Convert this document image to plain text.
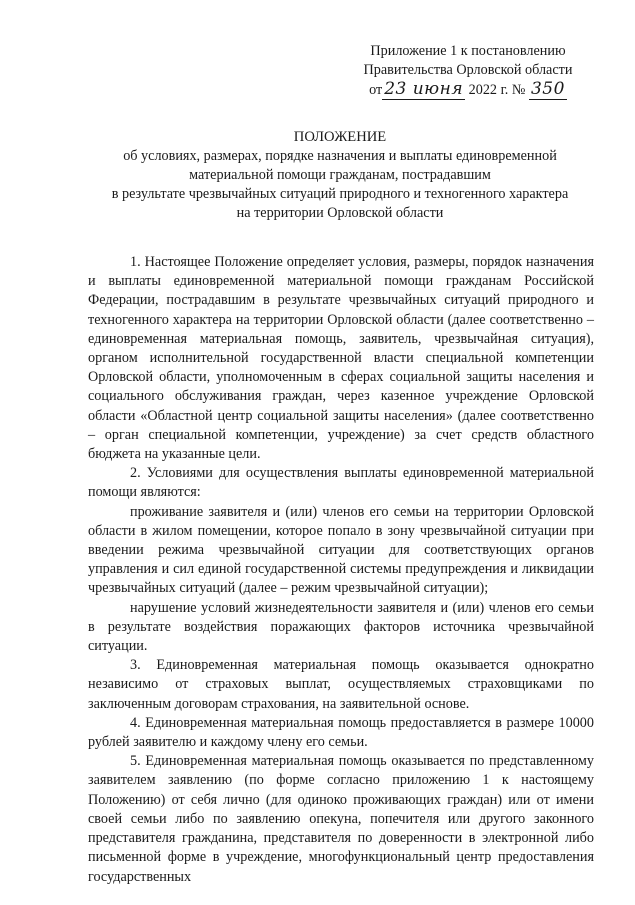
Приложение 1 к постановлению
Правительства Орловской области
от 23 июня 2022 г. № 350
ПОЛОЖЕНИЕ
об условиях, размерах, порядке назначения и выплаты единовременной
материальной помощи гражданам, пострадавшим
в результате чрезвычайных ситуаций природного и техногенного характера
на территории Орловской области

1. Настоящее Положение определяет условия, размеры, порядок назначения и выплаты единовременной материальной помощи гражданам Российской Федерации, пострадавшим в результате чрезвычайных ситуаций природного и техногенного характера на территории Орловской области (далее соответственно – единовременная материальная помощь, заявитель, чрезвычайная ситуация), органом исполнительной государственной власти специальной компетенции Орловской области, уполномоченным в сферах социальной защиты населения и социального обслуживания граждан, через казенное учреждение Орловской области «Областной центр социальной защиты населения» (далее соответственно – орган специальной компетенции, учреждение) за счет средств областного бюджета на указанные цели.

2. Условиями для осуществления выплаты единовременной материальной помощи являются:

проживание заявителя и (или) членов его семьи на территории Орловской области в жилом помещении, которое попало в зону чрезвычайной ситуации при введении режима чрезвычайной ситуации для соответствующих органов управления и сил единой государственной системы предупреждения и ликвидации чрезвычайных ситуаций (далее – режим чрезвычайной ситуации);

нарушение условий жизнедеятельности заявителя и (или) членов его семьи в результате воздействия поражающих факторов источника чрезвычайной ситуации.

3. Единовременная материальная помощь оказывается однократно независимо от страховых выплат, осуществляемых страховщиками по заключенным договорам страхования, на заявительной основе.

4. Единовременная материальная помощь предоставляется в размере 10000 рублей заявителю и каждому члену его семьи.

5. Единовременная материальная помощь оказывается по представленному заявителем заявлению (по форме согласно приложению 1 к настоящему Положению) от себя лично (для одиноко проживающих граждан) или от имени своей семьи либо по заявлению опекуна, попечителя или другого законного представителя гражданина, представителя по доверенности в электронной либо письменной форме в учреждение, многофункциональный центр предоставления государственных
